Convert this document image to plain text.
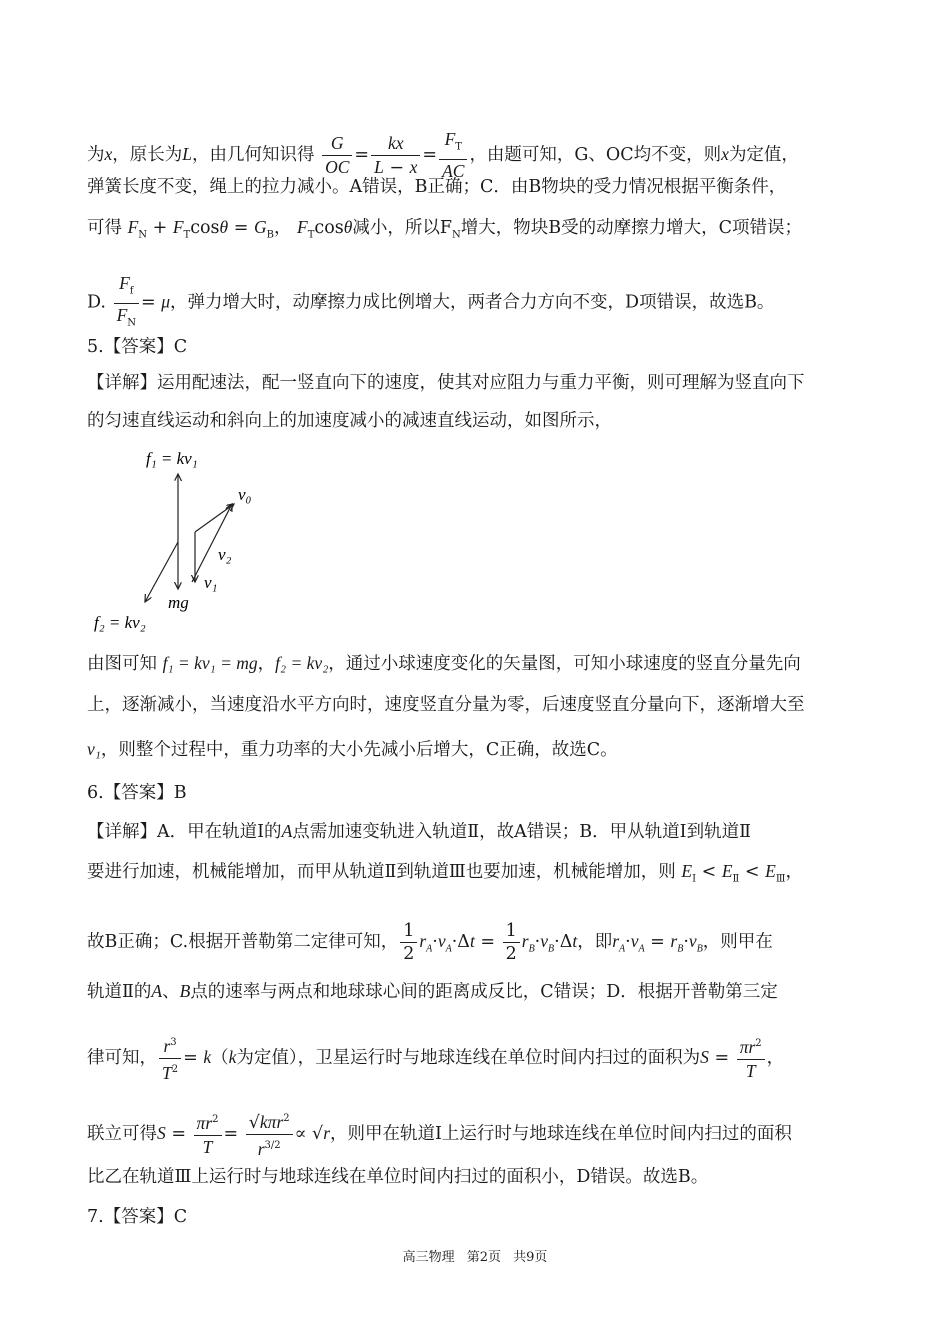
为x，原长为L，由几何知识得 $\frac{G}{OC} = \frac{kx}{L - x} = \frac{F_T}{AC}$ ，由题可知，G、OC均不变，则x为定值，
弹簧长度不变，绳上的拉力减小。A错误，B正确；C．由B物块的受力情况根据平衡条件，
可得 $F_N + F_T\cos\theta = G_B$， $F_T\cos\theta$减小，所以$F_N$增大，物块B受的动摩擦力增大，C项错误；
D. $\frac{F_f}{F_N} = \mu$，弹力增大时，动摩擦力成比例增大，两者合力方向不变，D项错误，故选B。
5.【答案】C
【详解】运用配速法，配一竖直向下的速度，使其对应阻力与重力平衡，则可理解为竖直向下
的匀速直线运动和斜向上的加速度减小的减速直线运动，如图所示，
f₁ = kv₁
v₀
v₂
v₁
mg
f₂ = kv₂
由图可知 f₁ = kv₁ = mg，f₂ = kv₂，通过小球速度变化的矢量图，可知小球速度的竖直分量先向
上，逐渐减小，当速度沿水平方向时，速度竖直分量为零，后速度竖直分量向下，逐渐增大至
v₁，则整个过程中，重力功率的大小先减小后增大，C正确，故选C。
6.【答案】B
【详解】A．甲在轨道Ⅰ的A点需加速变轨进入轨道Ⅱ，故A错误；B．甲从轨道Ⅰ到轨道Ⅱ
要进行加速，机械能增加，而甲从轨道Ⅱ到轨道Ⅲ也要加速，机械能增加，则 $E_Ⅰ < E_Ⅱ < E_Ⅲ$，
故B正确；C.根据开普勒第二定律可知， $\frac{1}{2} r_A\cdot v_A\cdot\Delta t = \frac{1}{2} r_B\cdot v_B\cdot\Delta t$，即$r_A\cdot v_A = r_B\cdot v_B$，则甲在
轨道Ⅱ的A、B点的速率与两点和地球球心间的距离成反比，C错误；D．根据开普勒第三定
律可知， $\frac{r^3}{T^2} = k(k$为定值），卫星运行时与地球连线在单位时间内扫过的面积为$S = \frac{\pi r^2}{T}$ ，
联立可得$S = \frac{\pi r^2}{T} = \frac{√k\pi r^2}{r^{3/2}} \propto √r$，则甲在轨道Ⅰ上运行时与地球连线在单位时间内扫过的面积
比乙在轨道Ⅲ上运行时与地球连线在单位时间内扫过的面积小，D错误。故选B。
7.【答案】C
高三物理 第2页 共9页
